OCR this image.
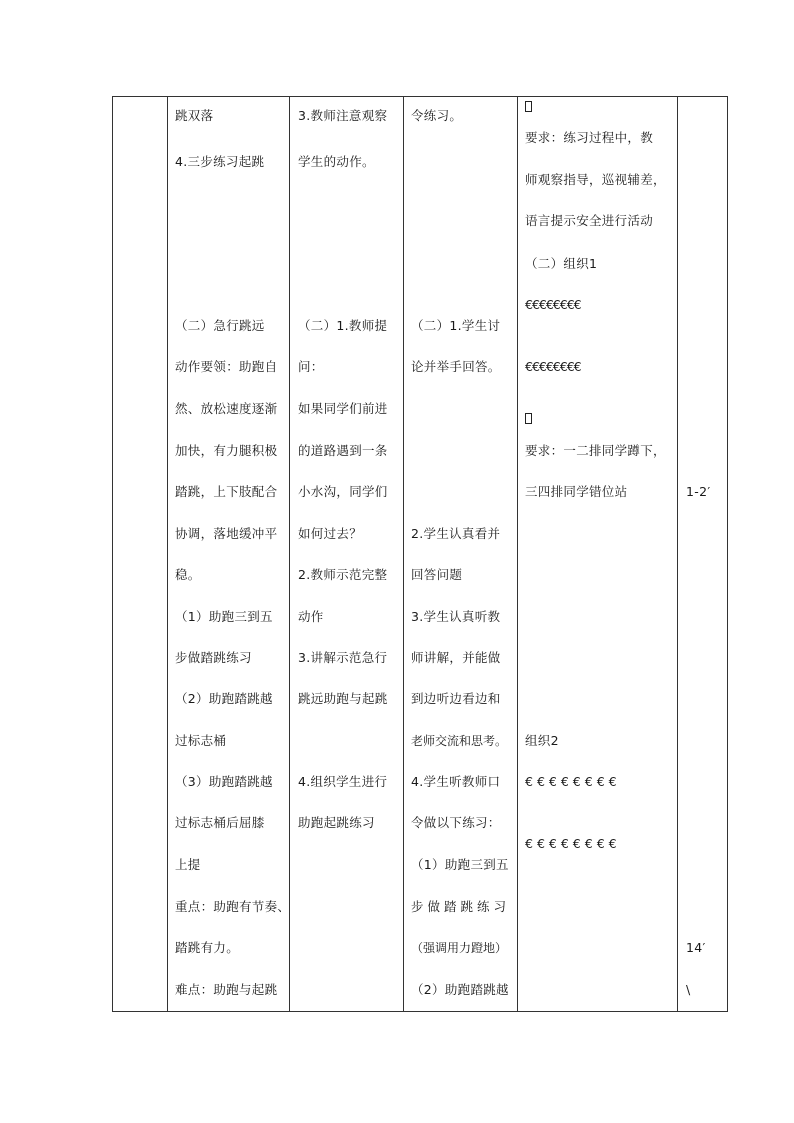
跳双落
4.三步练习起跳
（二）急行跳远
动作要领：助跑自
然、放松速度逐渐
加快，有力腿积极
踏跳，上下肢配合
协调，落地缓冲平
稳。
（1）助跑三到五
步做踏跳练习
（2）助跑踏跳越
过标志桶
（3）助跑踏跳越
过标志桶后屈膝
上提
重点：助跑有节奏、
踏跳有力。
难点：助跑与起跳
3.教师注意观察
学生的动作。
（二）1.教师提
问：
如果同学们前进
的道路遇到一条
小水沟，同学们
如何过去？
2.教师示范完整
动作
3.讲解示范急行
跳远助跑与起跳
4.组织学生进行
助跑起跳练习
令练习。
（二）1.学生讨
论并举手回答。
2.学生认真看并
回答问题
3.学生认真听教
师讲解，并能做
到边听边看边和
老师交流和思考。
4.学生听教师口
令做以下练习：
（1）助跑三到五
步做踏跳练习
（强调用力蹬地）
（2）助跑踏跳越
要求：练习过程中，教
师观察指导，巡视辅差，
语言提示安全进行活动
（二）组织1
€€€€€€€€
€€€€€€€€
要求：一二排同学蹲下，
三四排同学错位站
组织2
€€€€€€€€
€€€€€€€€
1-2′
14′
\
